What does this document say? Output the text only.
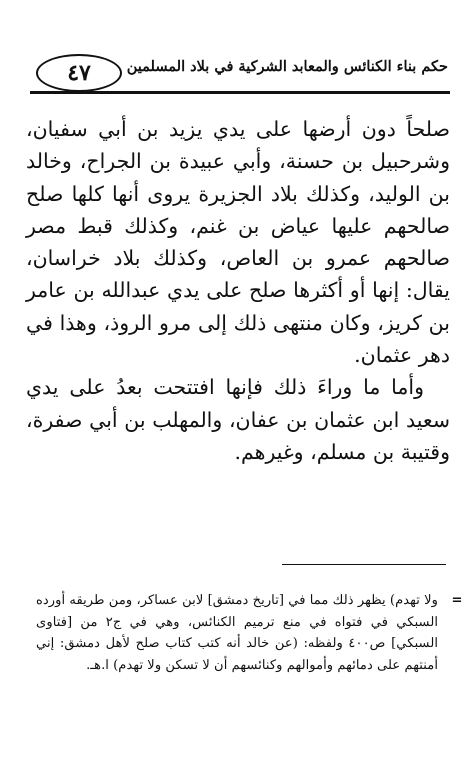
٤٧ حكم بناء الكنائس والمعابد الشركية في بلاد المسلمين

صلحاً دون أرضها على يدي يزيد بن أبي سفيان، وشرحبيل بن حسنة، وأبي عبيدة بن الجراح، وخالد بن الوليد، وكذلك بلاد الجزيرة يروى أنها كلها صلح صالحهم عليها عياض بن غنم، وكذلك قبط مصر صالحهم عمرو بن العاص، وكذلك بلاد خراسان، يقال: إنها أو أكثرها صلح على يدي عبدالله بن عامر بن كريز، وكان منتهى ذلك إلى مرو الروذ، وهذا في دهر عثمان.

وأما ما وراءَ ذلك فإنها افتتحت بعدُ على يدي سعيد ابن عثمان بن عفان، والمهلب بن أبي صفرة، وقتيبة بن مسلم، وغيرهم.

=
ولا تهدم) يظهر ذلك مما في [تاريخ دمشق] لابن عساكر، ومن طريقه أورده السبكي في فتواه في منع ترميم الكنائس، وهي في ج٢ من [فتاوى السبكي] ص٤٠٠ ولفظه: (عن خالد أنه كتب كتاب صلح لأهل دمشق: إني أمنتهم على دمائهم وأموالهم وكنائسهم أن لا تسكن ولا تهدم) ا.هـ.
